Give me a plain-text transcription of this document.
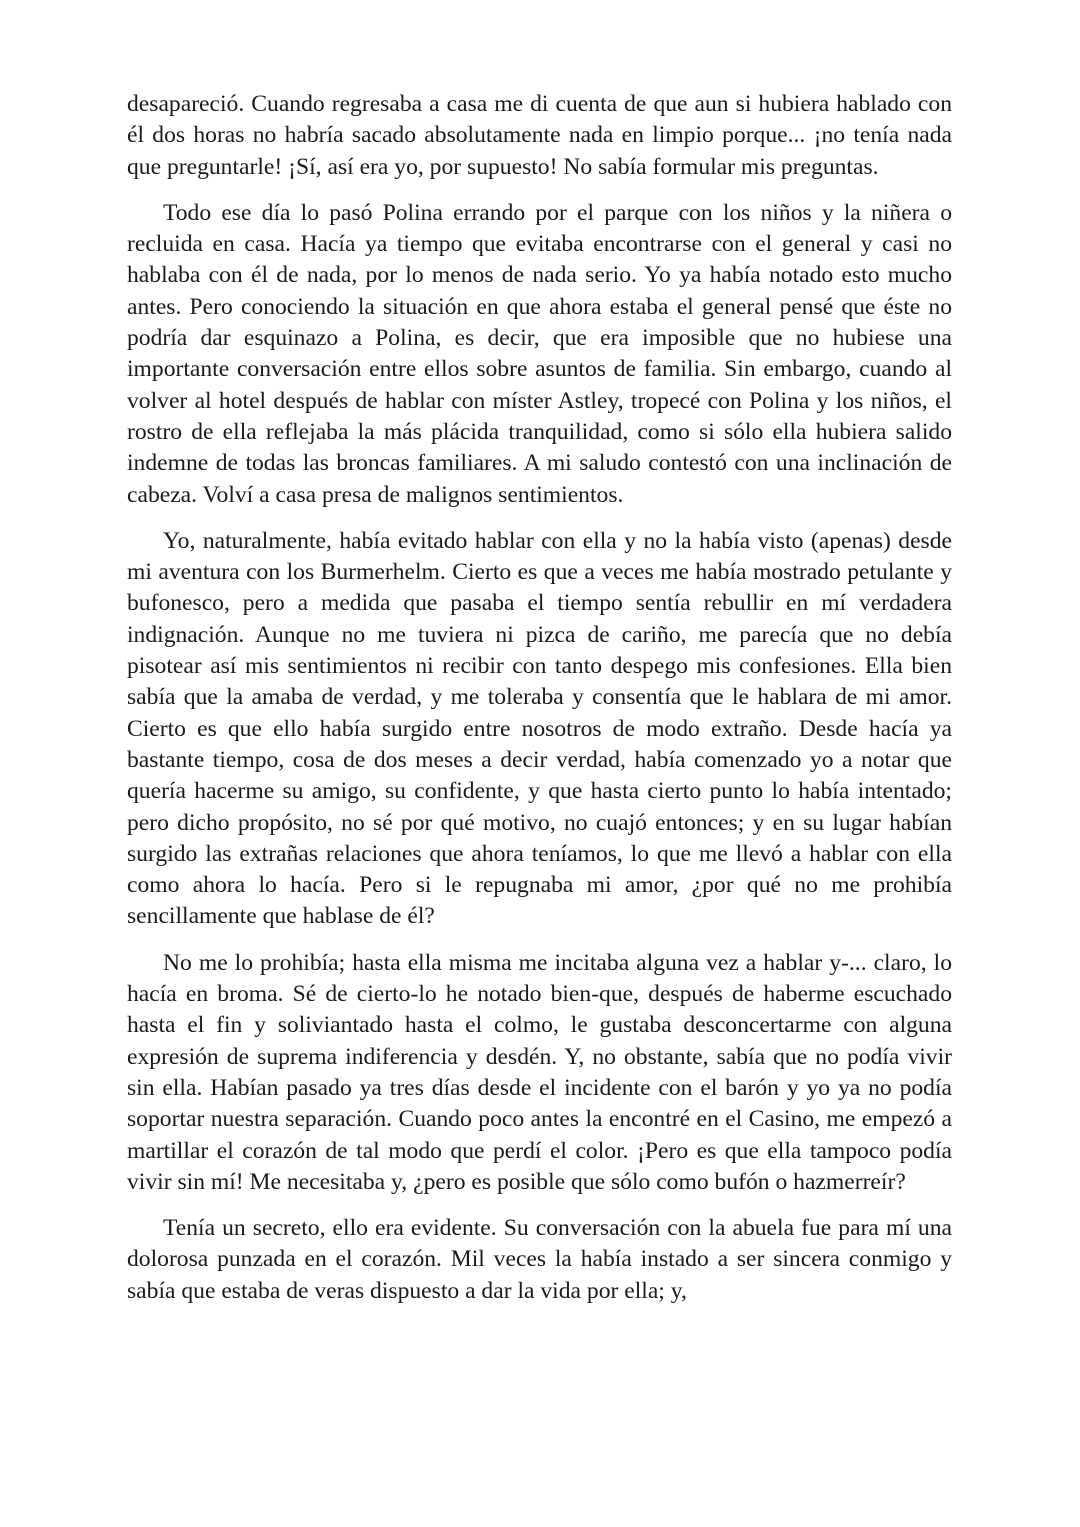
desapareció. Cuando regresaba a casa me di cuenta de que aun si hubiera hablado con él dos horas no habría sacado absolutamente nada en limpio porque... ¡no tenía nada que preguntarle! ¡Sí, así era yo, por supuesto! No sabía formular mis preguntas.

Todo ese día lo pasó Polina errando por el parque con los niños y la niñera o recluida en casa. Hacía ya tiempo que evitaba encontrarse con el general y casi no hablaba con él de nada, por lo menos de nada serio. Yo ya había notado esto mucho antes. Pero conociendo la situación en que ahora estaba el general pensé que éste no podría dar esquinazo a Polina, es decir, que era imposible que no hubiese una importante conversación entre ellos sobre asuntos de familia. Sin embargo, cuando al volver al hotel después de hablar con míster Astley, tropecé con Polina y los niños, el rostro de ella reflejaba la más plácida tranquilidad, como si sólo ella hubiera salido indemne de todas las broncas familiares. A mi saludo contestó con una inclinación de cabeza. Volví a casa presa de malignos sentimientos.

Yo, naturalmente, había evitado hablar con ella y no la había visto (apenas) desde mi aventura con los Burmerhelm. Cierto es que a veces me había mostrado petulante y bufonesco, pero a medida que pasaba el tiempo sentía rebullir en mí verdadera indignación. Aunque no me tuviera ni pizca de cariño, me parecía que no debía pisotear así mis sentimientos ni recibir con tanto despego mis confesiones. Ella bien sabía que la amaba de verdad, y me toleraba y consentía que le hablara de mi amor. Cierto es que ello había surgido entre nosotros de modo extraño. Desde hacía ya bastante tiempo, cosa de dos meses a decir verdad, había comenzado yo a notar que quería hacerme su amigo, su confidente, y que hasta cierto punto lo había intentado; pero dicho propósito, no sé por qué motivo, no cuajó entonces; y en su lugar habían surgido las extrañas relaciones que ahora teníamos, lo que me llevó a hablar con ella como ahora lo hacía. Pero si le repugnaba mi amor, ¿por qué no me prohibía sencillamente que hablase de él?

No me lo prohibía; hasta ella misma me incitaba alguna vez a hablar y-... claro, lo hacía en broma. Sé de cierto-lo he notado bien-que, después de haberme escuchado hasta el fin y soliviantado hasta el colmo, le gustaba desconcertarme con alguna expresión de suprema indiferencia y desdén. Y, no obstante, sabía que no podía vivir sin ella. Habían pasado ya tres días desde el incidente con el barón y yo ya no podía soportar nuestra separación. Cuando poco antes la encontré en el Casino, me empezó a martillar el corazón de tal modo que perdí el color. ¡Pero es que ella tampoco podía vivir sin mí! Me necesitaba y, ¿pero es posible que sólo como bufón o hazmerreír?

Tenía un secreto, ello era evidente. Su conversación con la abuela fue para mí una dolorosa punzada en el corazón. Mil veces la había instado a ser sincera conmigo y sabía que estaba de veras dispuesto a dar la vida por ella; y,
